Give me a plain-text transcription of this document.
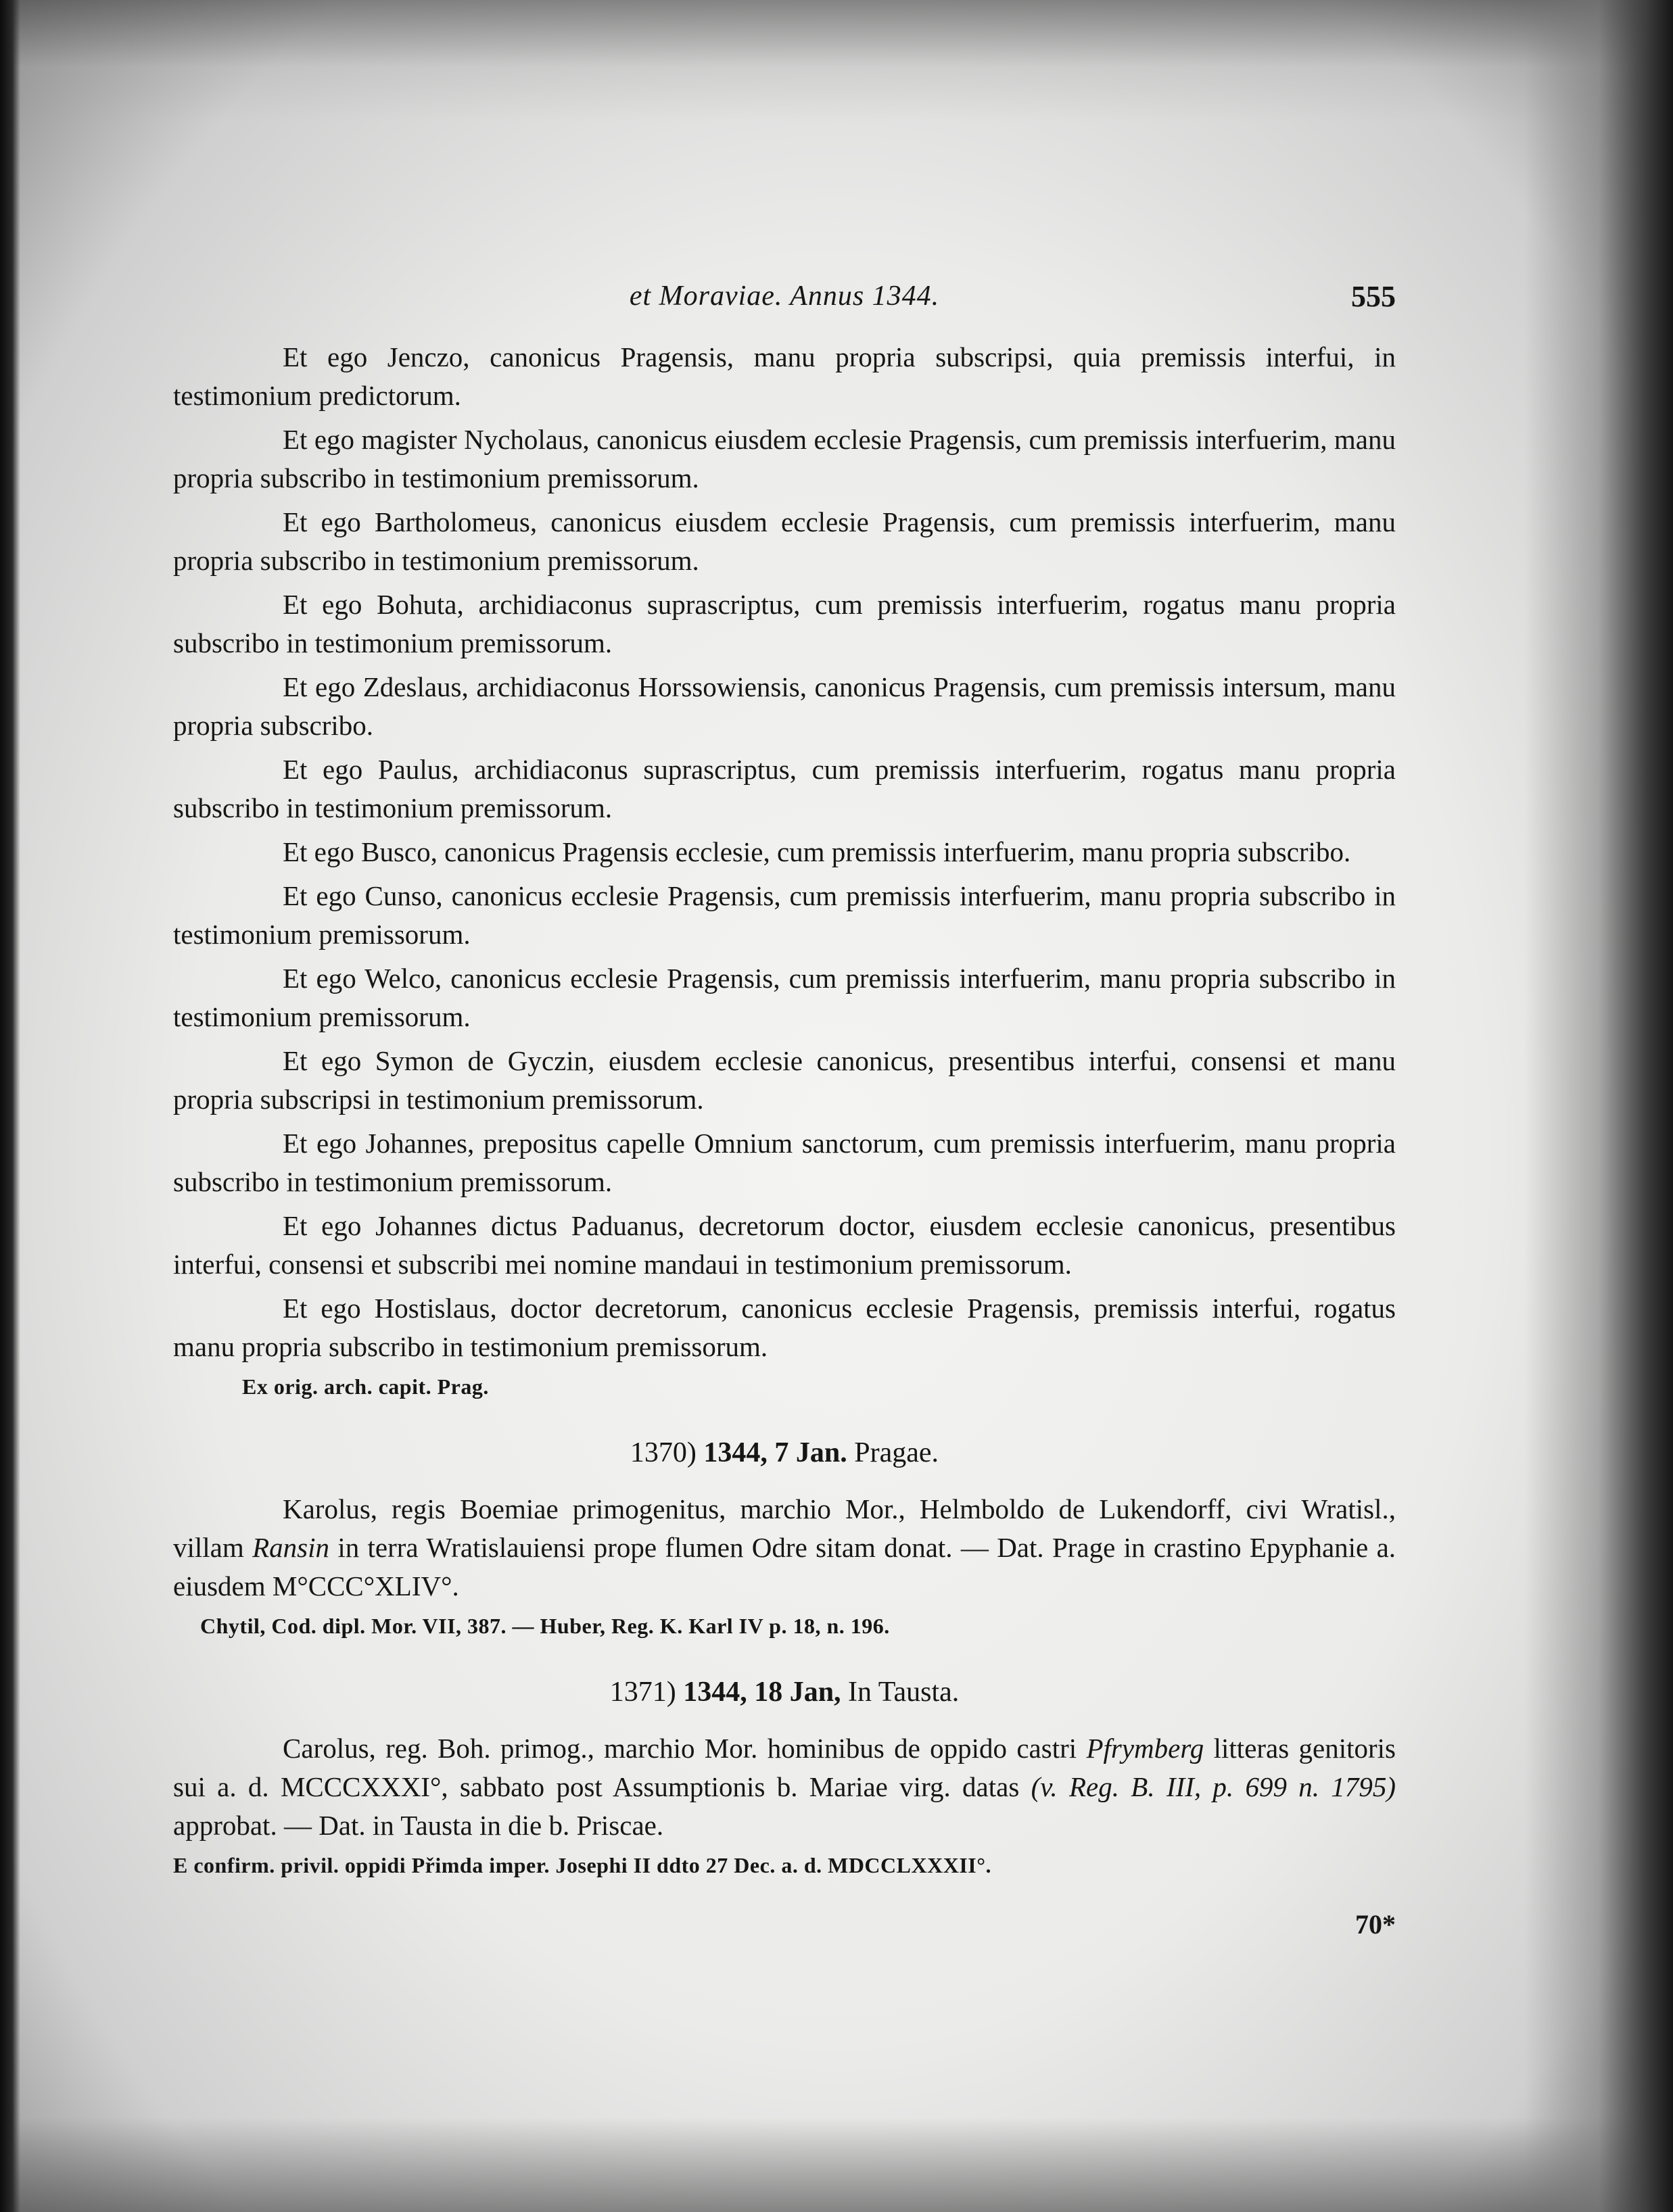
et Moraviae. Annus 1344.	555

Et ego Jenczo, canonicus Pragensis, manu propria subscripsi, quia premissis interfui, in testimonium predictorum.

Et ego magister Nycholaus, canonicus eiusdem ecclesie Pragensis, cum premissis interfuerim, manu propria subscribo in testimonium premissorum.

Et ego Bartholomeus, canonicus eiusdem ecclesie Pragensis, cum premissis interfuerim, manu propria subscribo in testimonium premissorum.

Et ego Bohuta, archidiaconus suprascriptus, cum premissis interfuerim, rogatus manu propria subscribo in testimonium premissorum.

Et ego Zdeslaus, archidiaconus Horssowiensis, canonicus Pragensis, cum premissis intersum, manu propria subscribo.

Et ego Paulus, archidiaconus suprascriptus, cum premissis interfuerim, rogatus manu propria subscribo in testimonium premissorum.

Et ego Busco, canonicus Pragensis ecclesie, cum premissis interfuerim, manu propria subscribo.

Et ego Cunso, canonicus ecclesie Pragensis, cum premissis interfuerim, manu propria subscribo in testimonium premissorum.

Et ego Welco, canonicus ecclesie Pragensis, cum premissis interfuerim, manu propria subscribo in testimonium premissorum.

Et ego Symon de Gyczin, eiusdem ecclesie canonicus, presentibus interfui, consensi et manu propria subscripsi in testimonium premissorum.

Et ego Johannes, prepositus capelle Omnium sanctorum, cum premissis interfuerim, manu propria subscribo in testimonium premissorum.

Et ego Johannes dictus Paduanus, decretorum doctor, eiusdem ecclesie canonicus, presentibus interfui, consensi et subscribi mei nomine mandaui in testimonium premissorum.

Et ego Hostislaus, doctor decretorum, canonicus ecclesie Pragensis, premissis interfui, rogatus manu propria subscribo in testimonium premissorum.

Ex orig. arch. capit. Prag.

1370) 1344, 7 Jan. Pragae.

Karolus, regis Boemiae primogenitus, marchio Mor., Helmboldo de Lukendorff, civi Wratisl., villam Ransin in terra Wratislauiensi prope flumen Odre sitam donat. — Dat. Prage in crastino Epyphanie a. eiusdem M°CCC°XLIV°.

Chytil, Cod. dipl. Mor. VII, 387. — Huber, Reg. K. Karl IV p. 18, n. 196.

1371) 1344, 18 Jan, In Tausta.

Carolus, reg. Boh. primog., marchio Mor. hominibus de oppido castri Pfrymberg litteras genitoris sui a. d. MCCCXXXI°, sabbato post Assumptionis b. Mariae virg. datas (v. Reg. B. III, p. 699 n. 1795) approbat. — Dat. in Tausta in die b. Priscae.

E confirm. privil. oppidi Přimda imper. Josephi II ddto 27 Dec. a. d. MDCCLXXXII°.

70*
